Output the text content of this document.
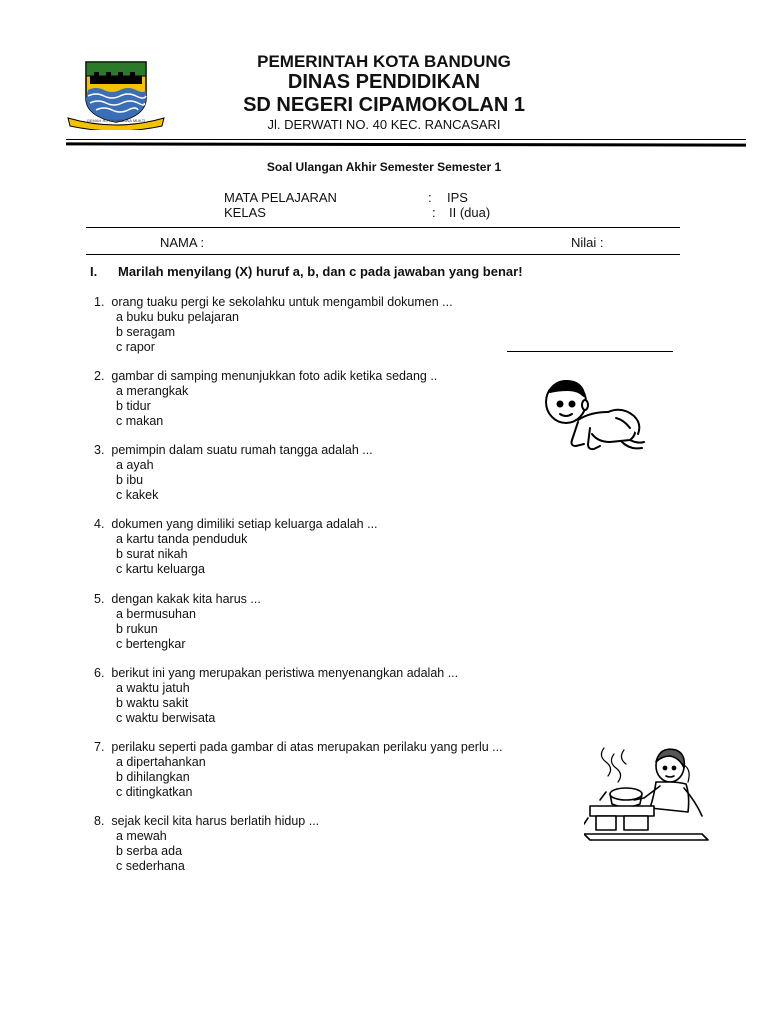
GEMAH RIPAH WIBAWA MUKTI
PEMERINTAH KOTA BANDUNG
DINAS PENDIDIKAN
SD NEGERI CIPAMOKOLAN 1
Jl. DERWATI NO. 40 KEC. RANCASARI
Soal Ulangan Akhir Semester Semester 1
MATA PELAJARAN	: IPS
KELAS	: II (dua)
NAMA :	Nilai :
I. Marilah menyilang (X) huruf a, b, dan c pada jawaban yang benar!
1. orang tuaku pergi ke sekolahku untuk mengambil dokumen ...
a buku buku pelajaran
b seragam
c rapor
2. gambar di samping menunjukkan foto adik ketika sedang ..
a merangkak
b tidur
c makan
3. pemimpin dalam suatu rumah tangga adalah ...
a ayah
b ibu
c kakek
4. dokumen yang dimiliki setiap keluarga adalah ...
a kartu tanda penduduk
b surat nikah
c kartu keluarga
5. dengan kakak kita harus ...
a bermusuhan
b rukun
c bertengkar
6. berikut ini yang merupakan peristiwa menyenangkan adalah ...
a waktu jatuh
b waktu sakit
c waktu berwisata
7. perilaku seperti pada gambar di atas merupakan perilaku yang perlu ...
a dipertahankan
b dihilangkan
c ditingkatkan
8. sejak kecil kita harus berlatih hidup ...
a mewah
b serba ada
c sederhana
